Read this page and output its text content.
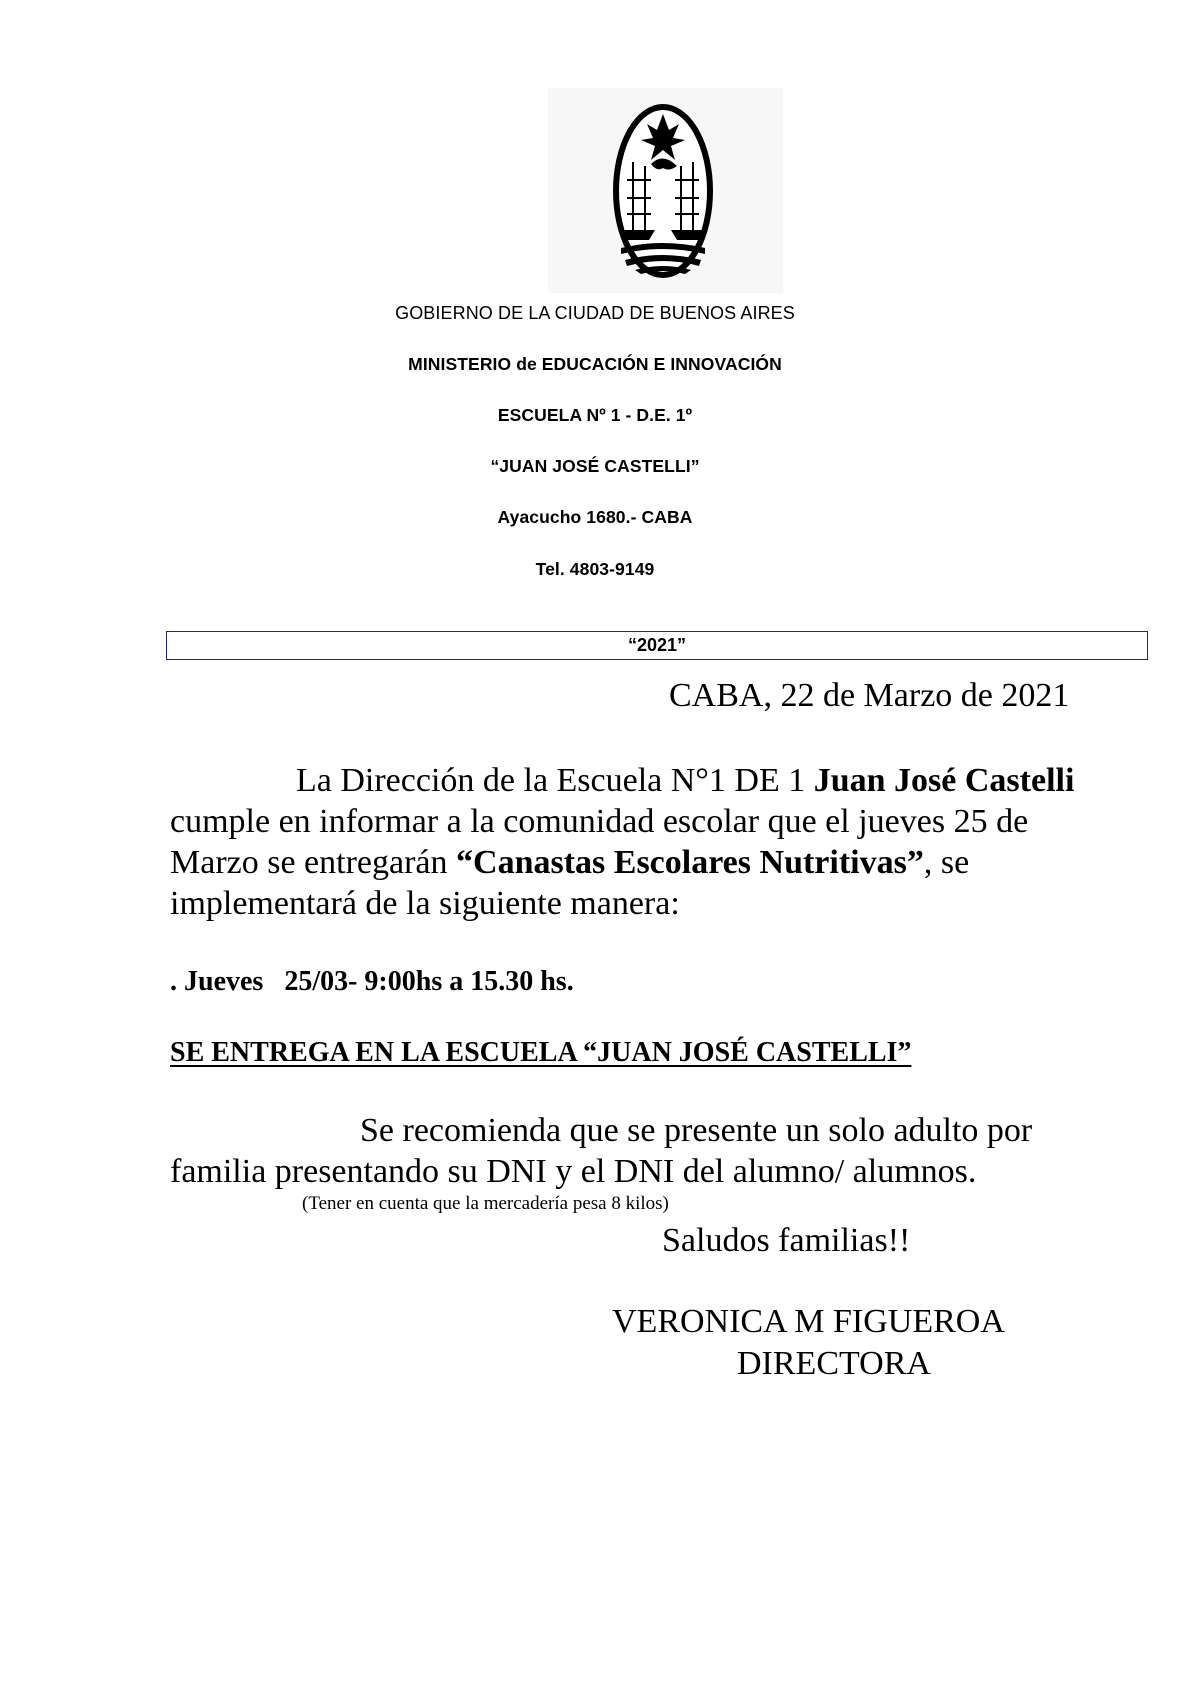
GOBIERNO DE LA CIUDAD DE BUENOS AIRES
MINISTERIO de EDUCACIÓN E INNOVACIÓN
ESCUELA Nº 1 - D.E. 1º
“JUAN JOSÉ CASTELLI”
Ayacucho 1680.- CABA
Tel. 4803-9149
“2021”
CABA, 22 de Marzo de 2021
La Dirección de la Escuela N°1 DE 1 Juan José Castelli
cumple en informar a la comunidad escolar que el jueves 25 de
Marzo se entregarán “Canastas Escolares Nutritivas”, se
implementará de la siguiente manera:
. Jueves   25/03- 9:00hs a 15.30 hs.
SE ENTREGA EN LA ESCUELA “JUAN JOSÉ CASTELLI”
Se recomienda que se presente un solo adulto por
familia presentando su DNI y el DNI del alumno/ alumnos.
(Tener en cuenta que la mercadería pesa 8 kilos)
Saludos familias!!
VERONICA M FIGUEROA
DIRECTORA
